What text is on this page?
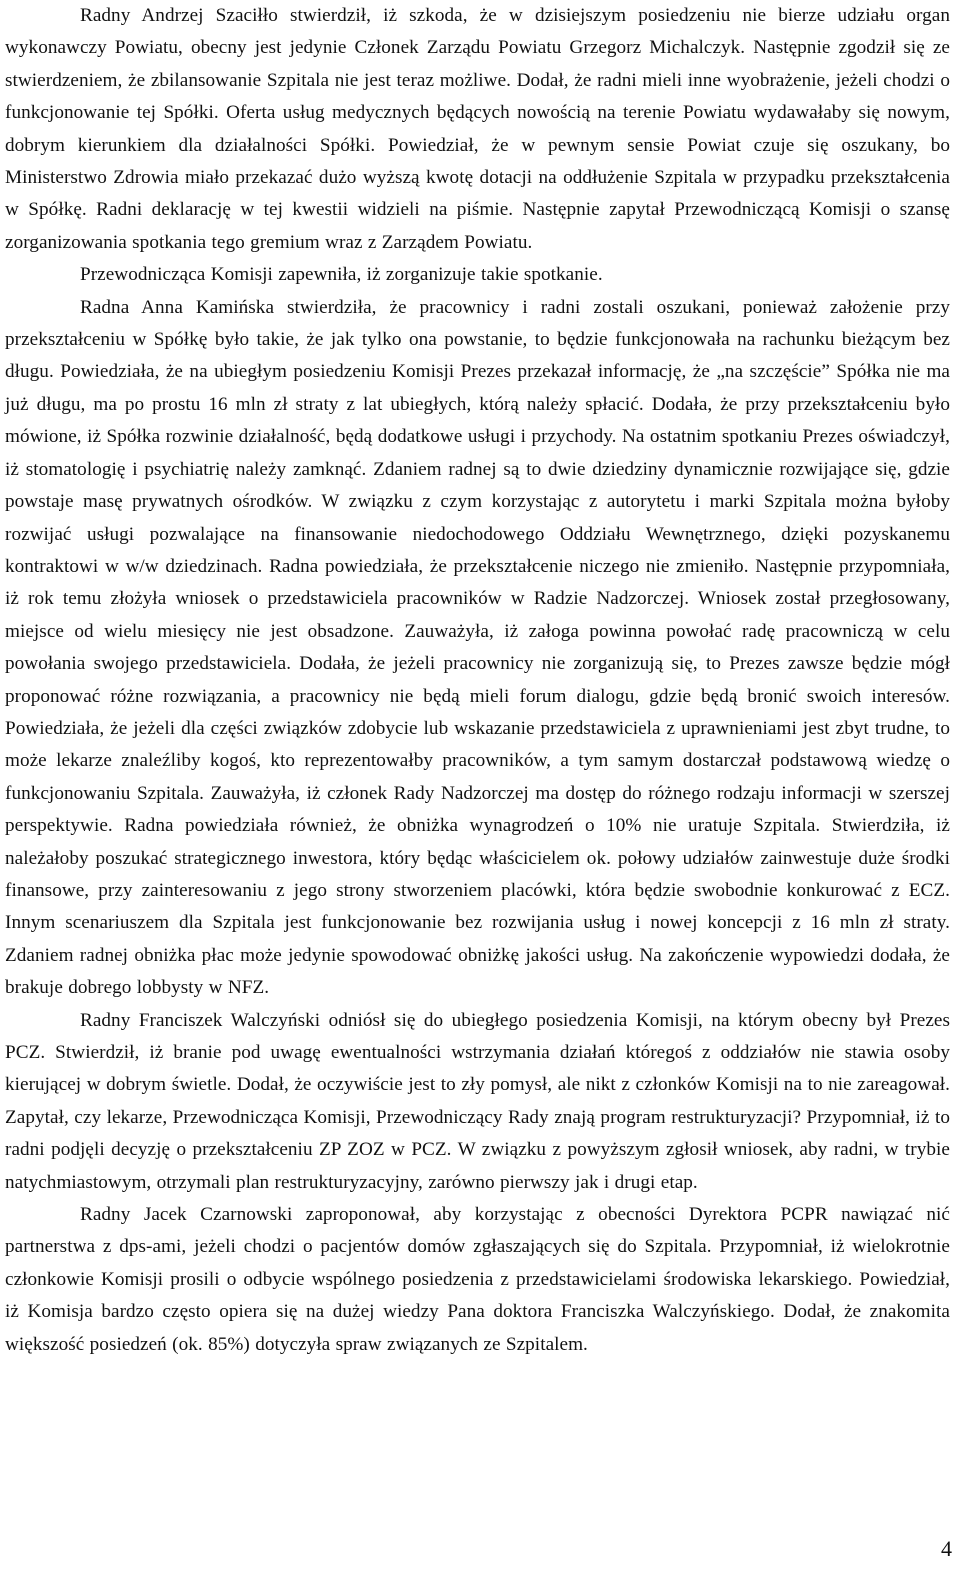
Radny Andrzej Szaciłło stwierdził, iż szkoda, że w dzisiejszym posiedzeniu nie bierze udziału organ wykonawczy Powiatu, obecny jest jedynie Członek Zarządu Powiatu Grzegorz Michalczyk. Następnie zgodził się ze stwierdzeniem, że zbilansowanie Szpitala nie jest teraz możliwe. Dodał, że radni mieli inne wyobrażenie, jeżeli chodzi o funkcjonowanie tej Spółki. Oferta usług medycznych będących nowością na terenie Powiatu wydawałaby się nowym, dobrym kierunkiem dla działalności Spółki. Powiedział, że w pewnym sensie Powiat czuje się oszukany, bo Ministerstwo Zdrowia miało przekazać dużo wyższą kwotę dotacji na oddłużenie Szpitala w przypadku przekształcenia w Spółkę. Radni deklarację w tej kwestii widzieli na piśmie. Następnie zapytał Przewodniczącą Komisji o szansę zorganizowania spotkania tego gremium wraz z Zarządem Powiatu.

Przewodnicząca Komisji zapewniła, iż zorganizuje takie spotkanie.

Radna Anna Kamińska stwierdziła, że pracownicy i radni zostali oszukani, ponieważ założenie przy przekształceniu w Spółkę było takie, że jak tylko ona powstanie, to będzie funkcjonowała na rachunku bieżącym bez długu. Powiedziała, że na ubiegłym posiedzeniu Komisji Prezes przekazał informację, że „na szczęście” Spółka nie ma już długu, ma po prostu 16 mln zł straty z lat ubiegłych, którą należy spłacić. Dodała, że przy przekształceniu było mówione, iż Spółka rozwinie działalność, będą dodatkowe usługi i przychody. Na ostatnim spotkaniu Prezes oświadczył, iż stomatologię i psychiatrię należy zamknąć. Zdaniem radnej są to dwie dziedziny dynamicznie rozwijające się, gdzie powstaje masę prywatnych ośrodków. W związku z czym korzystając z autorytetu i marki Szpitala można byłoby rozwijać usługi pozwalające na finansowanie niedochodowego Oddziału Wewnętrznego, dzięki pozyskanemu kontraktowi w w/w dziedzinach. Radna powiedziała, że przekształcenie niczego nie zmieniło. Następnie przypomniała, iż rok temu złożyła wniosek o przedstawiciela pracowników w Radzie Nadzorczej. Wniosek został przegłosowany, miejsce od wielu miesięcy nie jest obsadzone. Zauważyła, iż załoga powinna powołać radę pracowniczą w celu powołania swojego przedstawiciela. Dodała, że jeżeli pracownicy nie zorganizują się, to Prezes zawsze będzie mógł proponować różne rozwiązania, a pracownicy nie będą mieli forum dialogu, gdzie będą bronić swoich interesów. Powiedziała, że jeżeli dla części związków zdobycie lub wskazanie przedstawiciela z uprawnieniami jest zbyt trudne, to może lekarze znaleźliby kogoś, kto reprezentowałby pracowników, a tym samym dostarczał podstawową wiedzę o funkcjonowaniu Szpitala. Zauważyła, iż członek Rady Nadzorczej ma dostęp do różnego rodzaju informacji w szerszej perspektywie. Radna powiedziała również, że obniżka wynagrodzeń o 10% nie uratuje Szpitala. Stwierdziła, iż należałoby poszukać strategicznego inwestora, który będąc właścicielem ok. połowy udziałów zainwestuje duże środki finansowe, przy zainteresowaniu z jego strony stworzeniem placówki, która będzie swobodnie konkurować z ECZ. Innym scenariuszem dla Szpitala jest funkcjonowanie bez rozwijania usług i nowej koncepcji z 16 mln zł straty. Zdaniem radnej obniżka płac może jedynie spowodować obniżkę jakości usług. Na zakończenie wypowiedzi dodała, że brakuje dobrego lobbysty w NFZ.

Radny Franciszek Walczyński odniósł się do ubiegłego posiedzenia Komisji, na którym obecny był Prezes PCZ. Stwierdził, iż branie pod uwagę ewentualności wstrzymania działań któregoś z oddziałów nie stawia osoby kierującej w dobrym świetle. Dodał, że oczywiście jest to zły pomysł, ale nikt z członków Komisji na to nie zareagował. Zapytał, czy lekarze, Przewodnicząca Komisji, Przewodniczący Rady znają program restrukturyzacji? Przypomniał, iż to radni podjęli decyzję o przekształceniu ZP ZOZ w PCZ. W związku z powyższym zgłosił wniosek, aby radni, w trybie natychmiastowym, otrzymali plan restrukturyzacyjny, zarówno pierwszy jak i drugi etap.

Radny Jacek Czarnowski zaproponował, aby korzystając z obecności Dyrektora PCPR nawiązać nić partnerstwa z dps-ami, jeżeli chodzi o pacjentów domów zgłaszających się do Szpitala. Przypomniał, iż wielokrotnie członkowie Komisji prosili o odbycie wspólnego posiedzenia z przedstawicielami środowiska lekarskiego. Powiedział, iż Komisja bardzo często opiera się na dużej wiedzy Pana doktora Franciszka Walczyńskiego. Dodał, że znakomita większość posiedzeń (ok. 85%) dotyczyła spraw związanych ze Szpitalem.

4
